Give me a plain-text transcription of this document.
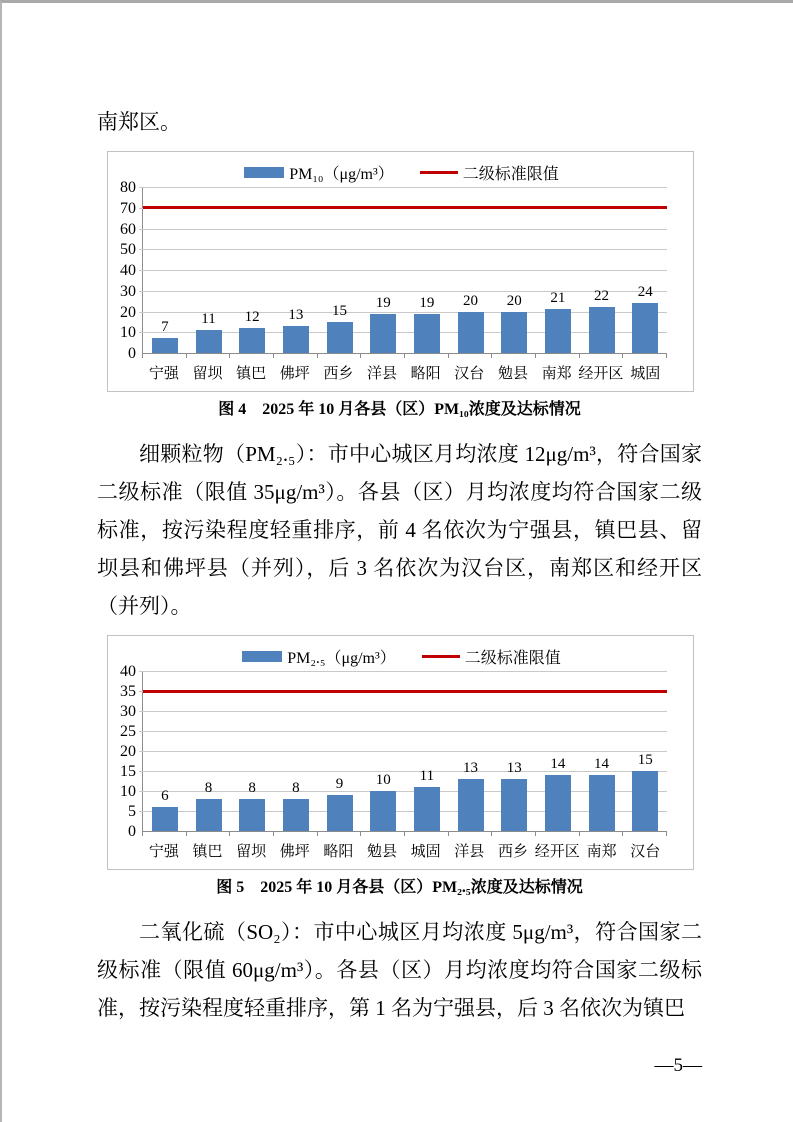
南郑区。

PM₁₀（μg/m³）	二级标准限值
0
10
20
30
40
50
60
70
80
7
11 12 13 15
19 19 20 20 21 22 24
宁强 留坝 镇巴 佛坪 西乡 洋县 略阳 汉台 勉县 南郑 经开区 城固

图 4　2025 年 10 月各县（区）PM₁₀浓度及达标情况

细颗粒物（PM₂.₅）：市中心城区月均浓度 12μg/m³，符合国家二级标准（限值 35μg/m³）。各县（区）月均浓度均符合国家二级标准，按污染程度轻重排序，前 4 名依次为宁强县，镇巴县、留坝县和佛坪县（并列），后 3 名依次为汉台区，南郑区和经开区（并列）。

PM₂.₅（μg/m³）	二级标准限值
0
5
10
15
20
25
30
35
40
6 8 8 8 9 10 11 13 13 14 14 15
宁强 镇巴 留坝 佛坪 略阳 勉县 城固 洋县 西乡 经开区 南郑 汉台

图 5　2025 年 10 月各县（区）PM₂.₅浓度及达标情况

二氧化硫（SO₂）：市中心城区月均浓度 5μg/m³，符合国家二级标准（限值 60μg/m³）。各县（区）月均浓度均符合国家二级标准，按污染程度轻重排序，第 1 名为宁强县，后 3 名依次为镇巴

—5—
